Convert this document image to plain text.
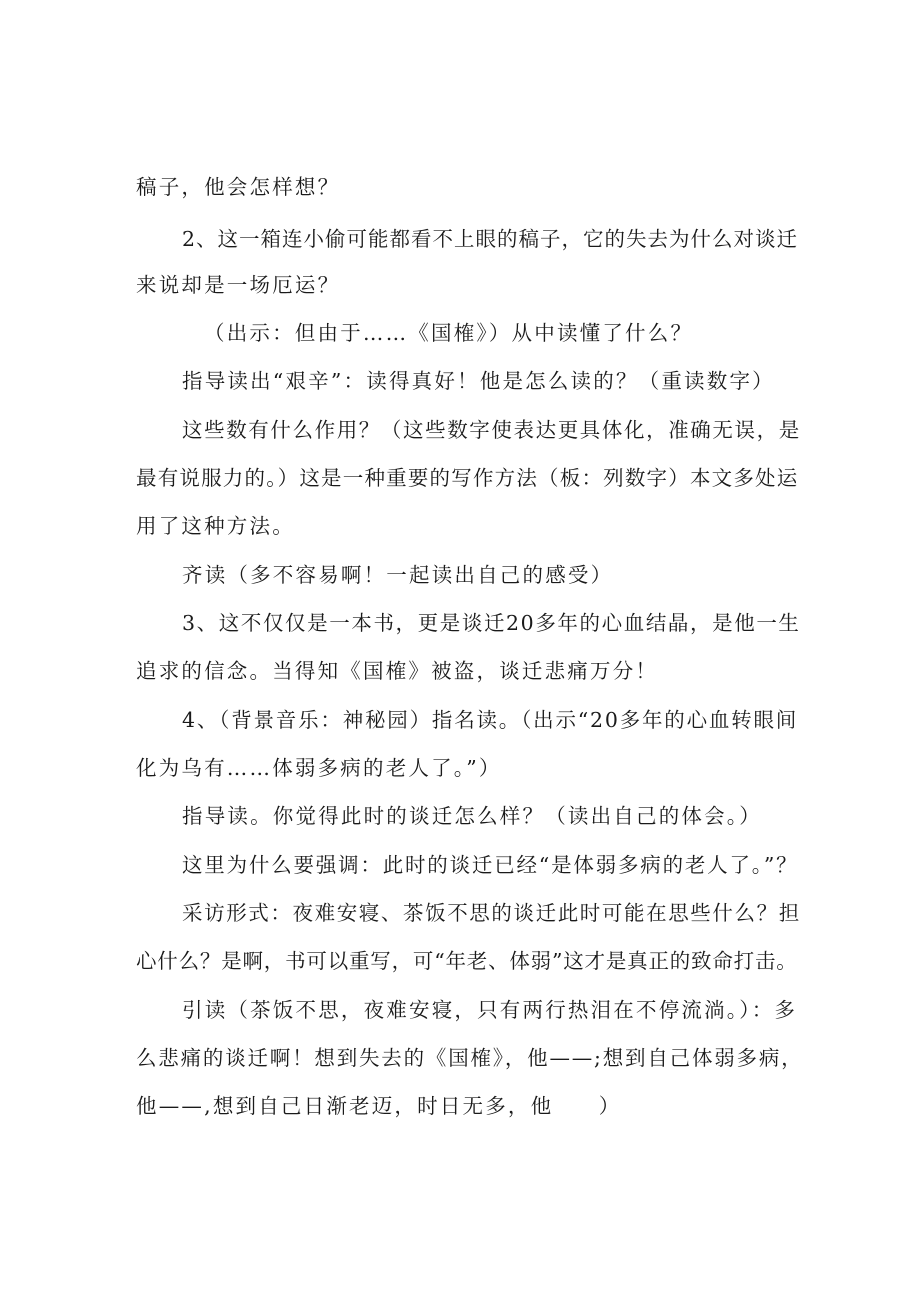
稿子，他会怎样想？
2、这一箱连小偷可能都看不上眼的稿子，它的失去为什么对谈迁
来说却是一场厄运？
（出示：但由于……《国榷》）从中读懂了什么？
指导读出“艰辛”：读得真好！他是怎么读的？（重读数字）
这些数有什么作用？（这些数字使表达更具体化，准确无误，是
最有说服力的。）这是一种重要的写作方法（板：列数字）本文多处运
用了这种方法。
齐读（多不容易啊！一起读出自己的感受）
3、这不仅仅是一本书，更是谈迁20多年的心血结晶，是他一生
追求的信念。当得知《国榷》被盗，谈迁悲痛万分！
4、（背景音乐：神秘园）指名读。（出示“20多年的心血转眼间
化为乌有……体弱多病的老人了。”）
指导读。你觉得此时的谈迁怎么样？（读出自己的体会。）
这里为什么要强调：此时的谈迁已经“是体弱多病的老人了。”？
采访形式：夜难安寝、茶饭不思的谈迁此时可能在思些什么？担
心什么？是啊，书可以重写，可“年老、体弱”这才是真正的致命打击。
引读（茶饭不思，夜难安寝，只有两行热泪在不停流淌。）：多
么悲痛的谈迁啊！想到失去的《国榷》，他——;想到自己体弱多病，
他——,想到自己日渐老迈，时日无多，他　　）
